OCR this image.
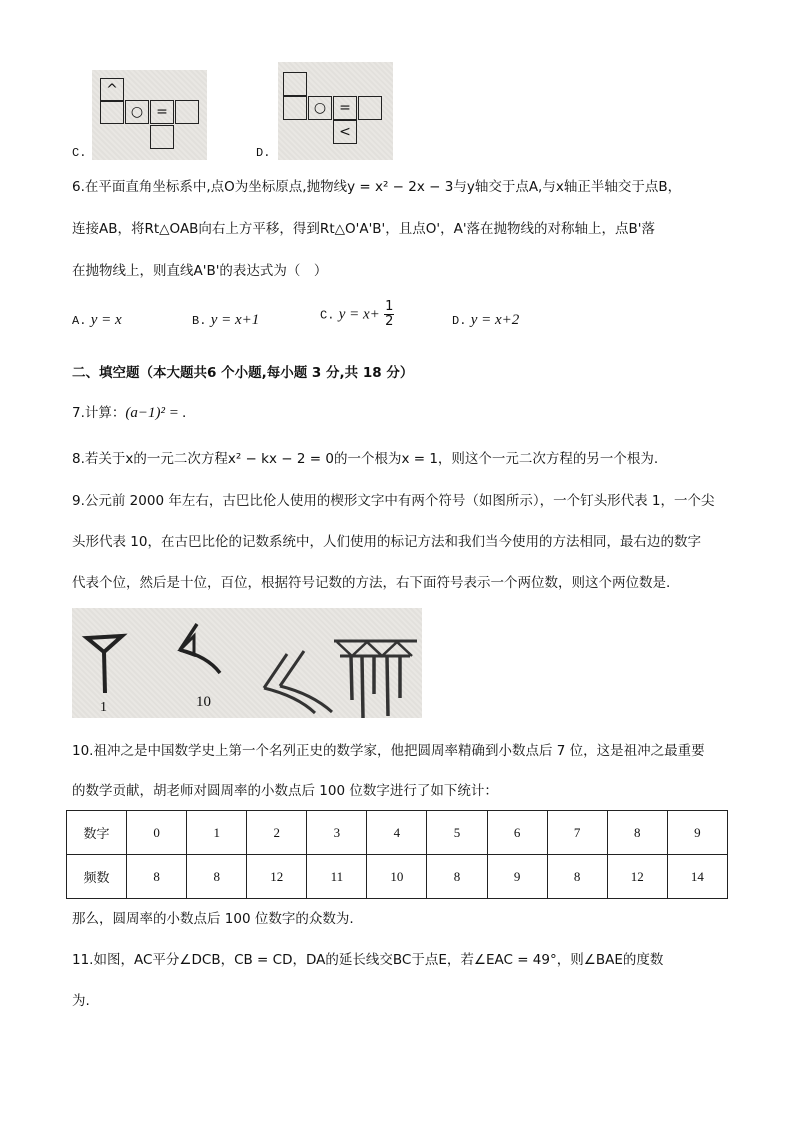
C.
^
○ =
D.
○ =
<
6.在平面直角坐标系中,点O为坐标原点,抛物线y = x² − 2x − 3与y轴交于点A,与x轴正半轴交于点B，
连接AB，将Rt△OAB向右上方平移，得到Rt△O'A'B'，且点O'，A'落在抛物线的对称轴上，点B'落
在抛物线上，则直线A'B'的表达式为（　）
A. y = x	B. y = x+1	C. $y = x+ \frac{1}{2}$	D. y = x+2
二、填空题（本大题共6 个小题,每小题 3 分,共 18 分）
7.计算：(a−1)² = .
8.若关于x的一元二次方程x² − kx − 2 = 0的一个根为x = 1，则这个一元二次方程的另一个根为.
9.公元前 2000 年左右，古巴比伦人使用的楔形文字中有两个符号（如图所示），一个钉头形代表 1，一个尖
头形代表 10，在古巴比伦的记数系统中，人们使用的标记方法和我们当今使用的方法相同，最右边的数字
代表个位，然后是十位，百位，根据符号记数的方法，右下面符号表示一个两位数，则这个两位数是.
1	10
10.祖冲之是中国数学史上第一个名列正史的数学家，他把圆周率精确到小数点后 7 位，这是祖冲之最重要
的数学贡献，胡老师对圆周率的小数点后 100 位数字进行了如下统计：
数字	0	1	2	3	4	5	6	7	8	9
频数	8	8	12	11	10	8	9	8	12	14
那么，圆周率的小数点后 100 位数字的众数为.
11.如图，AC平分∠DCB，CB = CD，DA的延长线交BC于点E，若∠EAC = 49°，则∠BAE的度数
为.
